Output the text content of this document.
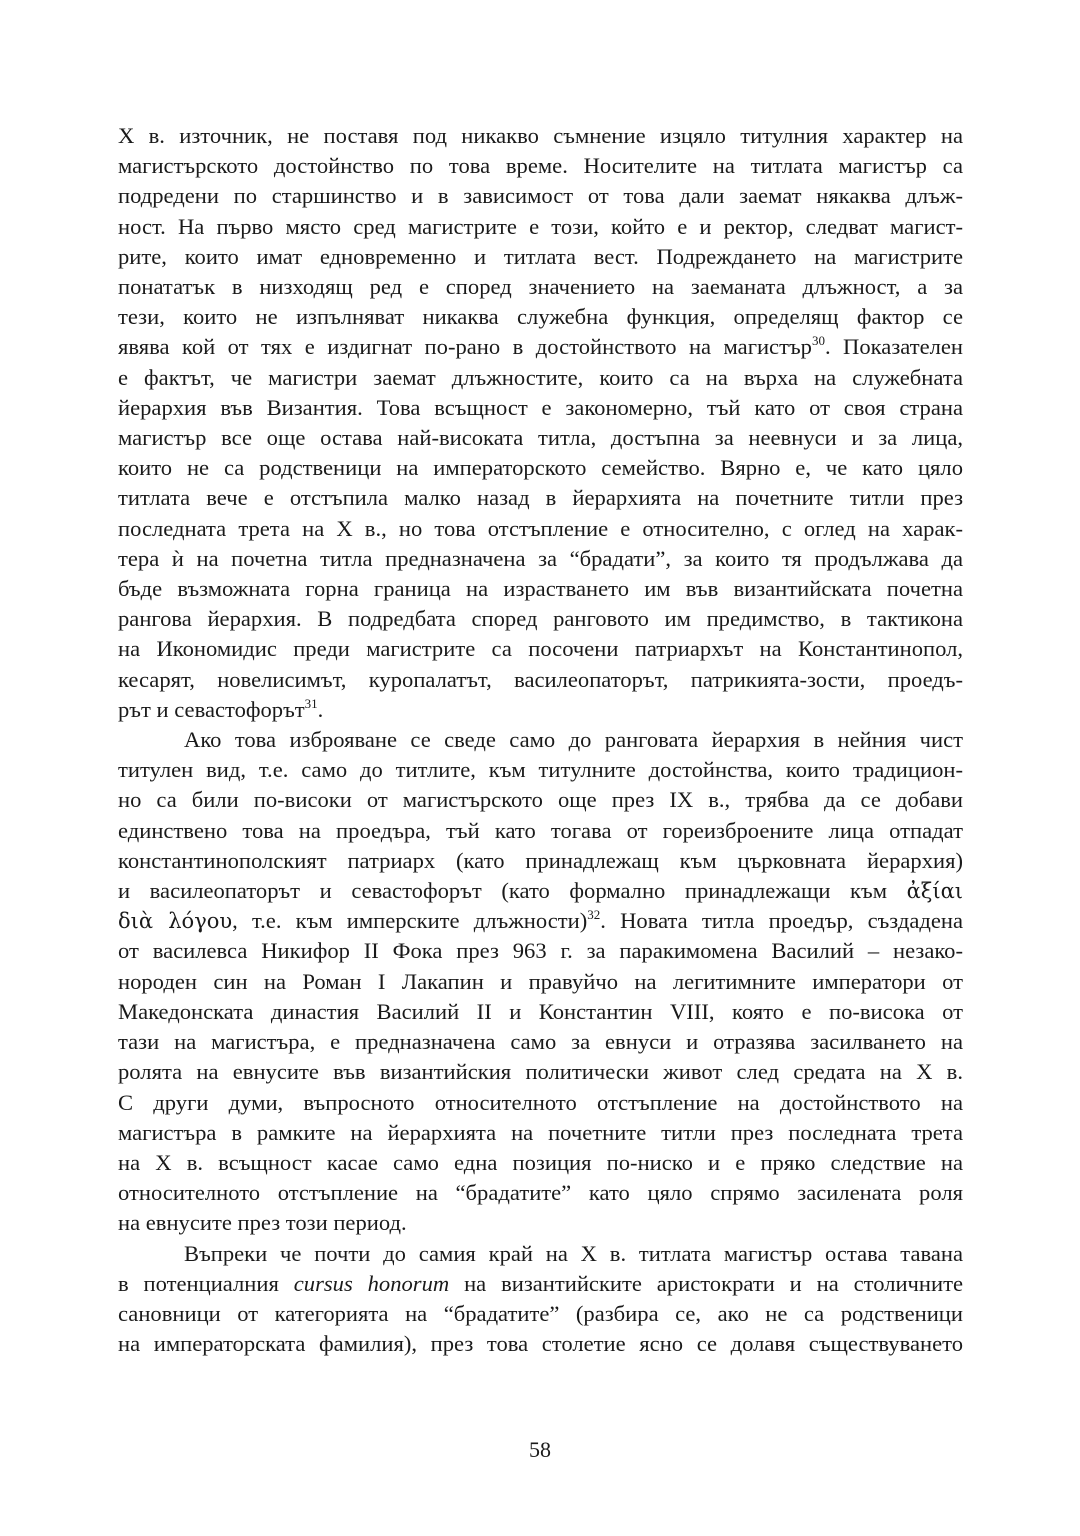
X в. източник, не поставя под никакво съмнение изцяло титулния характер на
магистърското достойнство по това време. Носителите на титлата магистър са
подредени по старшинство и в зависимост от това дали заемат някаква длъж-
ност. На първо място сред магистрите е този, който е и ректор, следват магист-
рите, които имат едновременно и титлата вест. Подреждането на магистрите
понататък в низходящ ред е според значението на заеманата длъжност, а за
тези, които не изпълняват никаква служебна функция, определящ фактор се
явява кой от тях е издигнат по-рано в достойнството на магистър$^{30}$. Показателен
е фактът, че магистри заемат длъжностите, които са на върха на служебната
йерархия във Византия. Това всъщност е закономерно, тъй като от своя страна
магистър все още остава най-високата титла, достъпна за неевнуси и за лица,
които не са родственици на императорското семейство. Вярно е, че като цяло
титлата вече е отстъпила малко назад в йерархията на почетните титли през
последната трета на X в., но това отстъпление е относително, с оглед на харак-
тера ѝ на почетна титла предназначена за “брадати”, за които тя продължава да
бъде възможната горна граница на израстването им във византийската почетна
рангова йерархия. В подредбата според ранговото им предимство, в тактикона
на Икономидис преди магистрите са посочени патриархът на Константинопол,
кесарят, новелисимът, куропалатът, василеопаторът, патрикията-зости, проедъ-
рът и севастофорът$^{31}$.
Ако това изброяване се сведе само до ранговата йерархия в нейния чист
титулен вид, т.е. само до титлите, към титулните достойнства, които традицион-
но са били по-високи от магистърското още през IX в., трябва да се добави
единствено това на проедъра, тъй като тогава от гореизброените лица отпадат
константинополският патриарх (като принадлежащ към църковната йерархия)
и василеопаторът и севастофорът (като формално принадлежащи към ἀξίαι
διὰ λόγου, т.е. към имперските длъжности)$^{32}$. Новата титла проедър, създадена
от василевса Никифор II Фока през 963 г. за паракимомена Василий – незако-
нороден син на Роман I Лакапин и правуйчо на легитимните императори от
Македонската династия Василий II и Константин VIII, която е по-висока от
тази на магистъра, е предназначена само за евнуси и отразява засилването на
ролята на евнусите във византийския политически живот след средата на X в.
С други думи, въпросното относителното отстъпление на достойнството на
магистъра в рамките на йерархията на почетните титли през последната трета
на X в. всъщност касае само една позиция по-ниско и е пряко следствие на
относителното отстъпление на “брадатите” като цяло спрямо засилената роля
на евнусите през този период.
Въпреки че почти до самия край на X в. титлата магистър остава тавана
в потенциалния cursus honorum на византийските аристократи и на столичните
сановници от категорията на “брадатите” (разбира се, ако не са родственици
на императорската фамилия), през това столетие ясно се долавя съществуването
58
